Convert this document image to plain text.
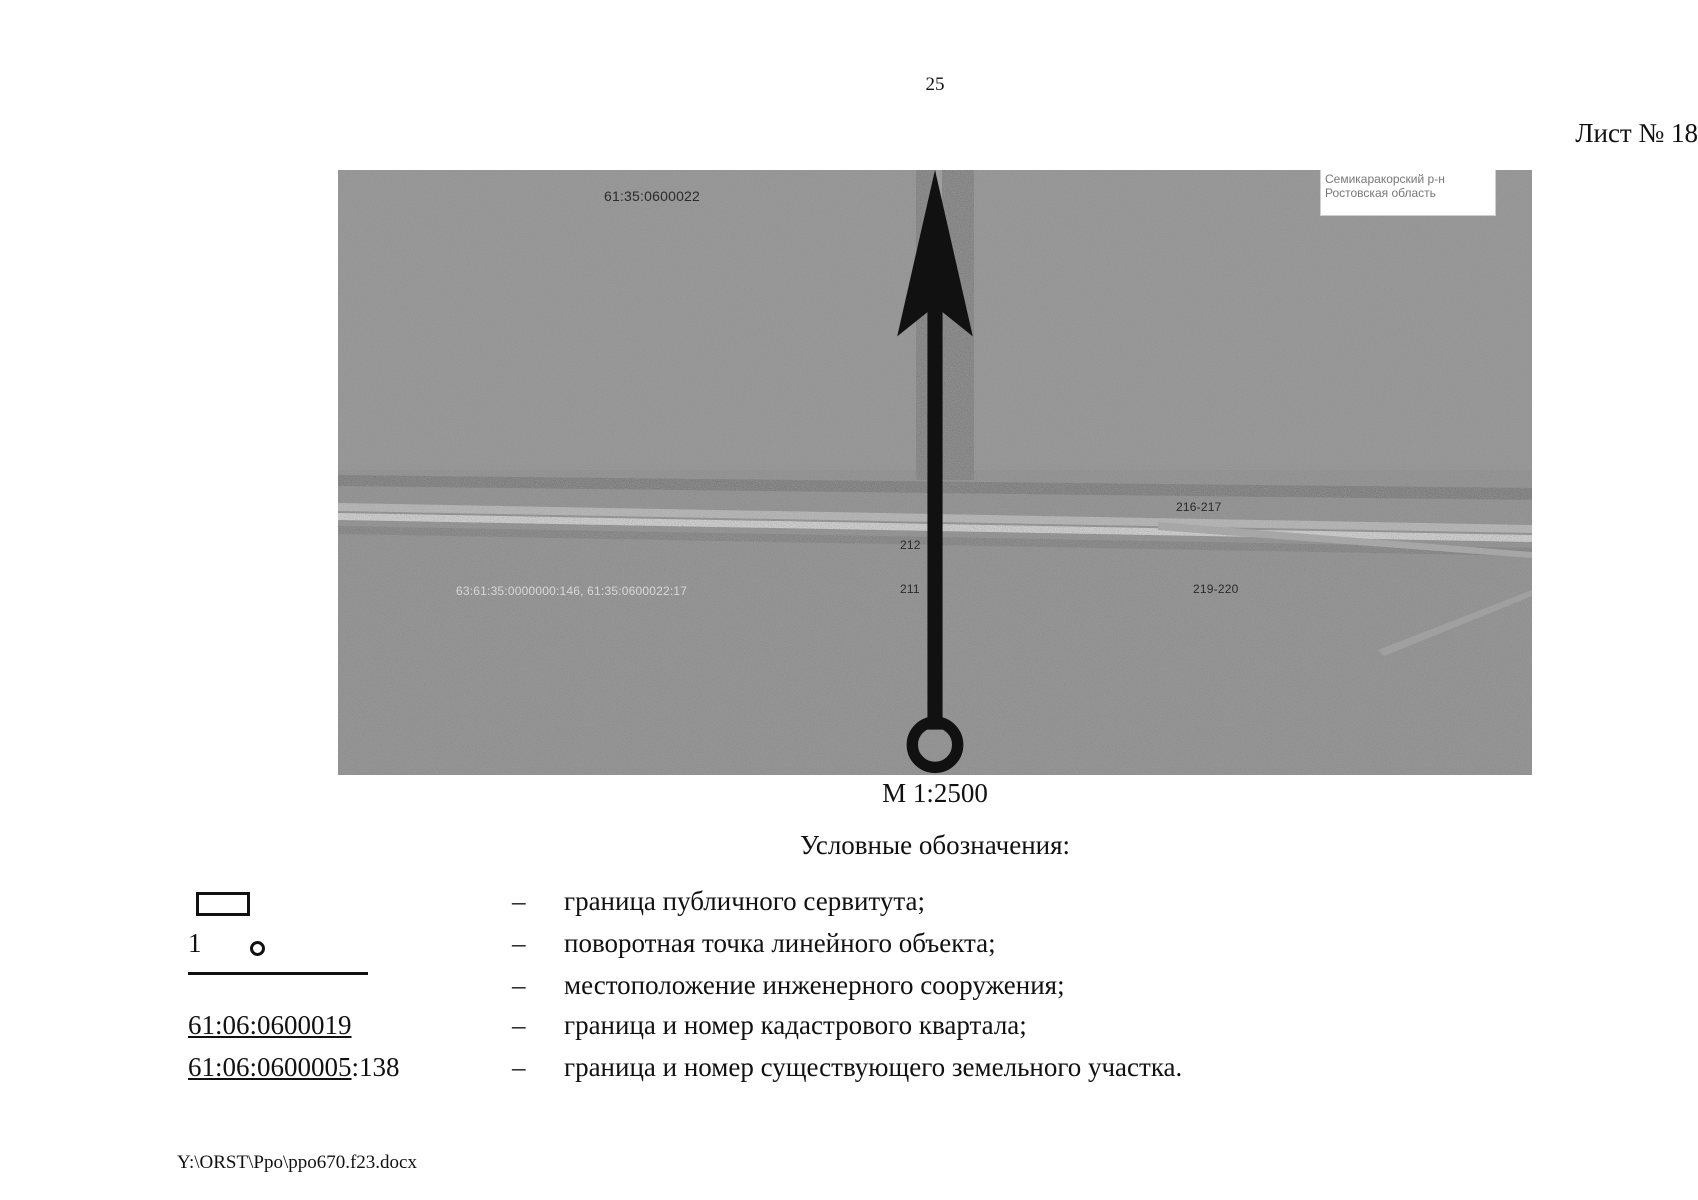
25
Лист № 18
61:35:0600022
63:61:35:0000000:146, 61:35:0600022:17
216-217
212
211	219-220
Семикаракорский р-н
Ростовская область
М 1:2500
Условные обозначения:
– граница публичного сервитута;
1	– поворотная точка линейного объекта;
– местоположение инженерного сооружения;
61:06:0600019	– граница и номер кадастрового квартала;
61:06:0600005:138	– граница и номер существующего земельного участка.
Y:\ORST\Ppo\ppo670.f23.docx
